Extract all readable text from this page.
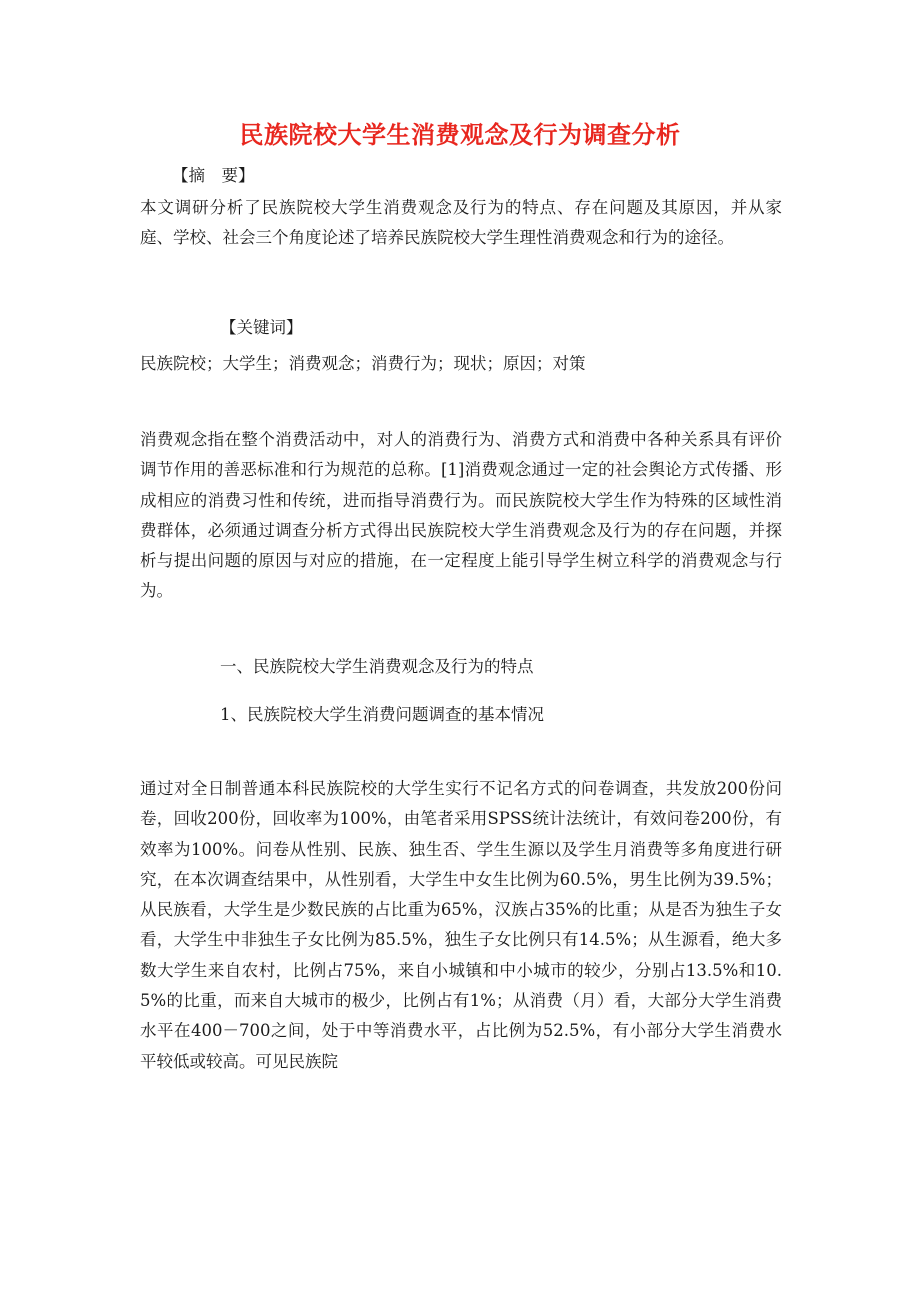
民族院校大学生消费观念及行为调查分析
【摘　要】
本文调研分析了民族院校大学生消费观念及行为的特点、存在问题及其原因，并从家庭、学校、社会三个角度论述了培养民族院校大学生理性消费观念和行为的途径。
【关键词】
民族院校；大学生；消费观念；消费行为；现状；原因；对策
消费观念指在整个消费活动中，对人的消费行为、消费方式和消费中各种关系具有评价调节作用的善恶标准和行为规范的总称。[1]消费观念通过一定的社会舆论方式传播、形成相应的消费习性和传统，进而指导消费行为。而民族院校大学生作为特殊的区域性消费群体，必须通过调查分析方式得出民族院校大学生消费观念及行为的存在问题，并探析与提出问题的原因与对应的措施，在一定程度上能引导学生树立科学的消费观念与行为。
一、民族院校大学生消费观念及行为的特点
1、民族院校大学生消费问题调查的基本情况
通过对全日制普通本科民族院校的大学生实行不记名方式的问卷调查，共发放200份问卷，回收200份，回收率为100%，由笔者采用SPSS统计法统计，有效问卷200份，有效率为100%。问卷从性别、民族、独生否、学生生源以及学生月消费等多角度进行研究，在本次调查结果中，从性别看，大学生中女生比例为60.5%，男生比例为39.5%；从民族看，大学生是少数民族的占比重为65%，汉族占35%的比重；从是否为独生子女看，大学生中非独生子女比例为85.5%，独生子女比例只有14.5%；从生源看，绝大多数大学生来自农村，比例占75%，来自小城镇和中小城市的较少，分别占13.5%和10.5%的比重，而来自大城市的极少，比例占有1%；从消费（月）看，大部分大学生消费水平在400－700之间，处于中等消费水平，占比例为52.5%，有小部分大学生消费水平较低或较高。可见民族院
